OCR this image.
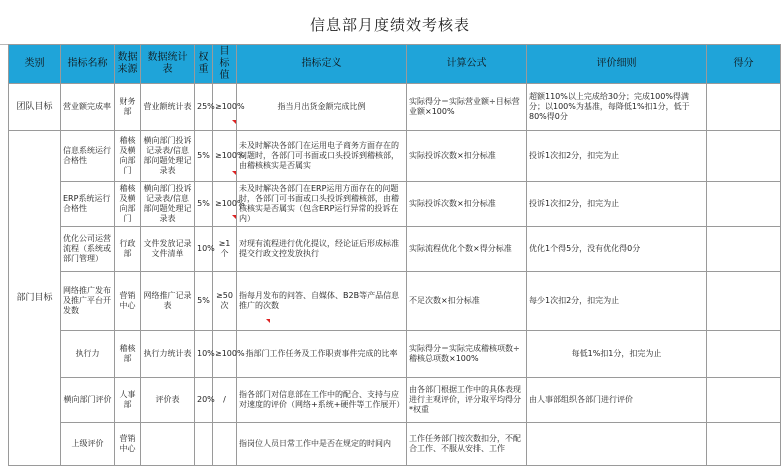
信息部月度绩效考核表
类别	指标名称	数据来源	数据统计表	权重	目标值	指标定义	计算公式	评价细则	得分
团队目标	营业额完成率	财务部	营业额统计表	25%	≥100%	指当月出货金额完成比例	实际得分＝实际营业额÷目标营业额×100%	超额110%以上完成给30分；完成100%得满分；以100%为基准，每降低1%扣1分，低于80%得0分	
部门目标	信息系统运行合格性	稽核及横向部门	横向部门投诉记录表/信息部问题处理记录表	5%	≥100%	未及时解决各部门在运用电子商务方面存在的问题时，各部门可书面或口头投诉到稽核部，由稽核核实是否属实	实际投诉次数×扣分标准	投诉1次扣2分，扣完为止	
	ERP系统运行合格性	稽核及横向部门	横向部门投诉记录表/信息部问题处理记录表	5%	≥100%	未及时解决各部门在ERP运用方面存在的问题时，各部门可书面或口头投诉到稽核部，由稽核核实是否属实（包含ERP运行异常的投诉在内）	实际投诉次数×扣分标准	投诉1次扣2分，扣完为止	
	优化公司运营流程（系统或部门管理）	行政部	文件发放记录 文件清单	10%	≥1个	对现有流程进行优化提议，经论证后形成标准提交行政文控发放执行	实际流程优化个数×得分标准	优化1个得5分，没有优化得0分	
	网络推广发布及推广平台开发数	营销中心	网络推广记录表	5%	≥50次	指每月发布的问答、自媒体、B2B等产品信息推广的次数	不足次数×扣分标准	每少1次扣2分，扣完为止	
	执行力	稽核部	执行力统计表	10%	≥100%	指部门工作任务及工作职责事件完成的比率	实际得分＝实际完成稽核项数÷稽核总项数×100%	每低1%扣1分，扣完为止	
	横向部门评价	人事部	评价表	20%	/	指各部门对信息部在工作中的配合、支持与应对速度的评价（网络+系统+硬件等工作展开）	由各部门根据工作中的具体表现进行主观评价，评分取平均得分*权重	由人事部组织各部门进行评价	
	上级评价	营销中心				指岗位人员日常工作中是否在规定的时间内	工作任务部门按次数扣分，不配合工作、不服从安排、工作		
